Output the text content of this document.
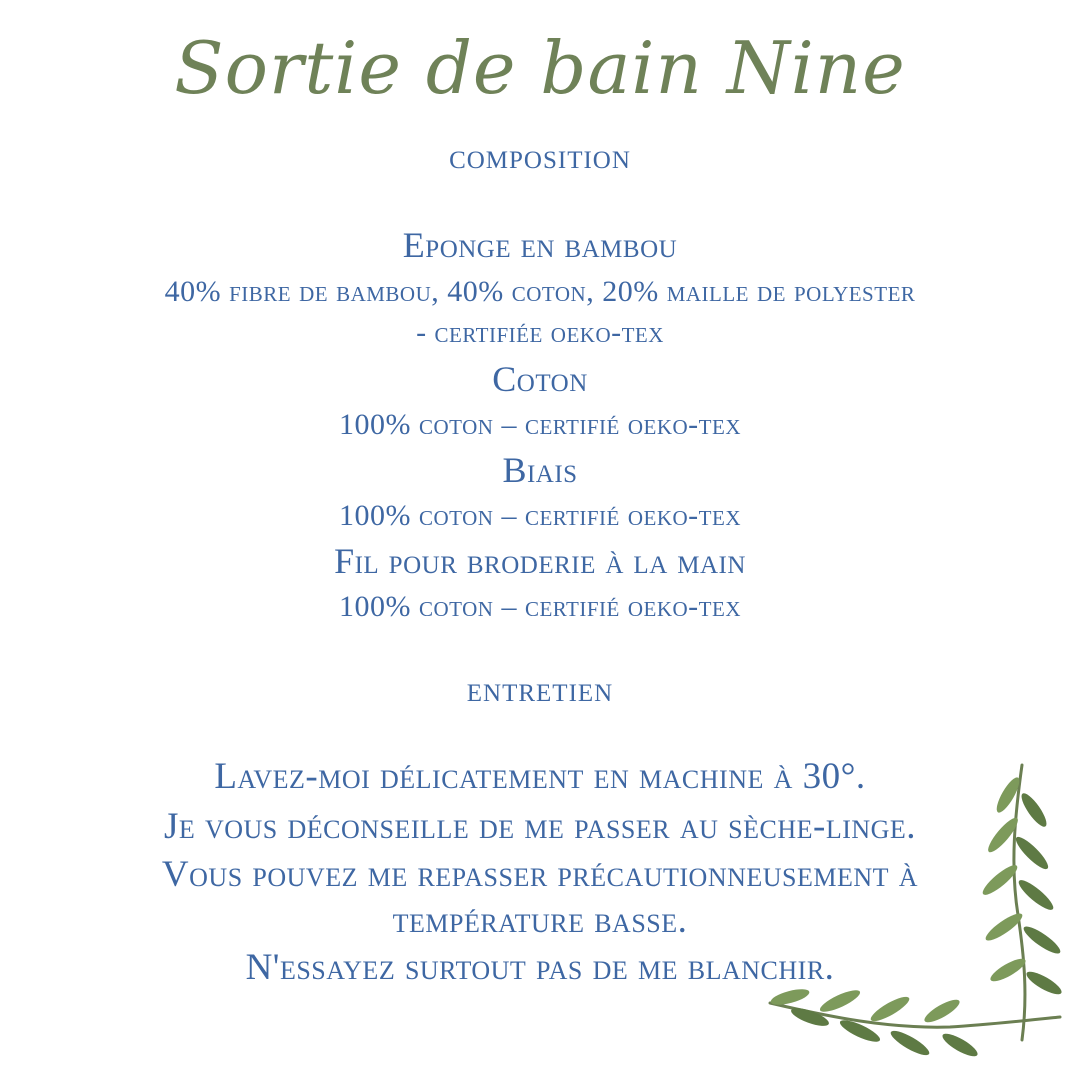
Sortie de bain Nine
composition
Eponge en bambou
40% fibre de bambou, 40% coton, 20% maille de polyester
- certifiée oeko-tex
Coton
100% coton – certifié oeko-tex
Biais
100% coton – certifié oeko-tex
Fil pour broderie à la main
100% coton – certifié oeko-tex
entretien
Lavez-moi délicatement en machine à 30°.
Je vous déconseille de me passer au sèche-linge.
Vous pouvez me repasser précautionneusement à
température basse.
N'essayez surtout pas de me blanchir.
